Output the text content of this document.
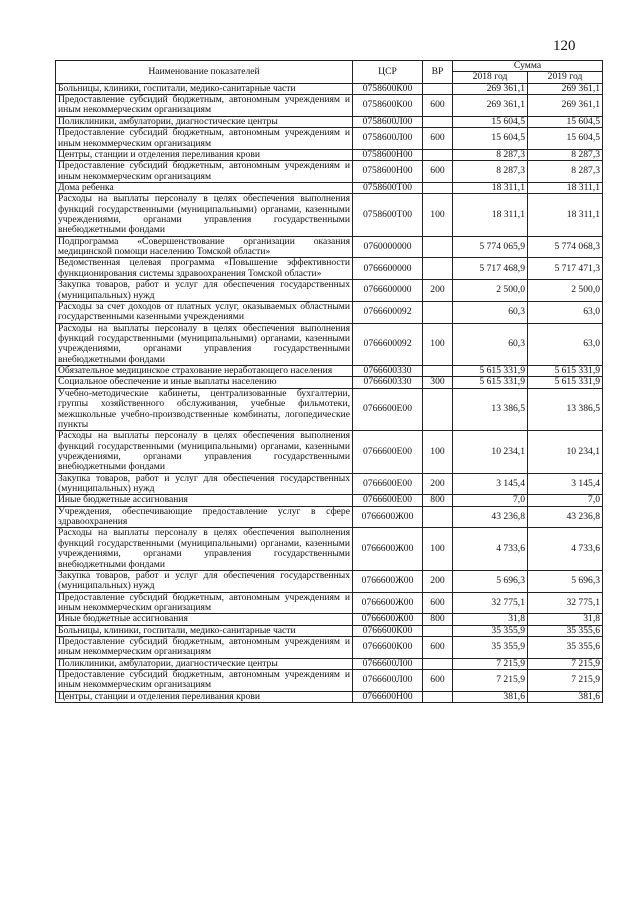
120
Наименование показателей	ЦСР	ВР	Сумма	
			2018 год	2019 год
Больницы, клиники, госпитали, медико-санитарные части	0758600К00		269 361,1	269 361,1
Предоставление субсидий бюджетным, автономным учреждениям и иным некоммерческим организациям	0758600К00	600	269 361,1	269 361,1
Поликлиники, амбулатории, диагностические центры	0758600Л00		15 604,5	15 604,5
Предоставление субсидий бюджетным, автономным учреждениям и иным некоммерческим организациям	0758600Л00	600	15 604,5	15 604,5
Центры, станции и отделения переливания крови	0758600Н00		8 287,3	8 287,3
Предоставление субсидий бюджетным, автономным учреждениям и иным некоммерческим организациям	0758600Н00	600	8 287,3	8 287,3
Дома ребенка	0758600Т00		18 311,1	18 311,1
Расходы на выплаты персоналу в целях обеспечения выполнения функций государственными (муниципальными) органами, казенными учреждениями, органами управления государственными внебюджетными фондами	0758600Т00	100	18 311,1	18 311,1
Подпрограмма «Совершенствование организации оказания медицинской помощи населению Томской области»	0760000000		5 774 065,9	5 774 068,3
Ведомственная целевая программа «Повышение эффективности функционирования системы здравоохранения Томской области»	0766600000		5 717 468,9	5 717 471,3
Закупка товаров, работ и услуг для обеспечения государственных (муниципальных) нужд	0766600000	200	2 500,0	2 500,0
Расходы за счет доходов от платных услуг, оказываемых областными государственными казенными учреждениями	0766600092		60,3	63,0
Расходы на выплаты персоналу в целях обеспечения выполнения функций государственными (муниципальными) органами, казенными учреждениями, органами управления государственными внебюджетными фондами	0766600092	100	60,3	63,0
Обязательное медицинское страхование неработающего населения	0766600330		5 615 331,9	5 615 331,9
Социальное обеспечение и иные выплаты населению	0766600330	300	5 615 331,9	5 615 331,9
Учебно-методические кабинеты, централизованные бухгалтерии, группы хозяйственного обслуживания, учебные фильмотеки, межшкольные учебно-производственные комбинаты, логопедические пункты	0766600Е00		13 386,5	13 386,5
Расходы на выплаты персоналу в целях обеспечения выполнения функций государственными (муниципальными) органами, казенными учреждениями, органами управления государственными внебюджетными фондами	0766600Е00	100	10 234,1	10 234,1
Закупка товаров, работ и услуг для обеспечения государственных (муниципальных) нужд	0766600Е00	200	3 145,4	3 145,4
Иные бюджетные ассигнования	0766600Е00	800	7,0	7,0
Учреждения, обеспечивающие предоставление услуг в сфере здравоохранения	0766600Ж00		43 236,8	43 236,8
Расходы на выплаты персоналу в целях обеспечения выполнения функций государственными (муниципальными) органами, казенными учреждениями, органами управления государственными внебюджетными фондами	0766600Ж00	100	4 733,6	4 733,6
Закупка товаров, работ и услуг для обеспечения государственных (муниципальных) нужд	0766600Ж00	200	5 696,3	5 696,3
Предоставление субсидий бюджетным, автономным учреждениям и иным некоммерческим организациям	0766600Ж00	600	32 775,1	32 775,1
Иные бюджетные ассигнования	0766600Ж00	800	31,8	31,8
Больницы, клиники, госпитали, медико-санитарные части	0766600К00		35 355,9	35 355,6
Предоставление субсидий бюджетным, автономным учреждениям и иным некоммерческим организациям	0766600К00	600	35 355,9	35 355,6
Поликлиники, амбулатории, диагностические центры	0766600Л00		7 215,9	7 215,9
Предоставление субсидий бюджетным, автономным учреждениям и иным некоммерческим организациям	0766600Л00	600	7 215,9	7 215,9
Центры, станции и отделения переливания крови	0766600Н00		381,6	381,6
